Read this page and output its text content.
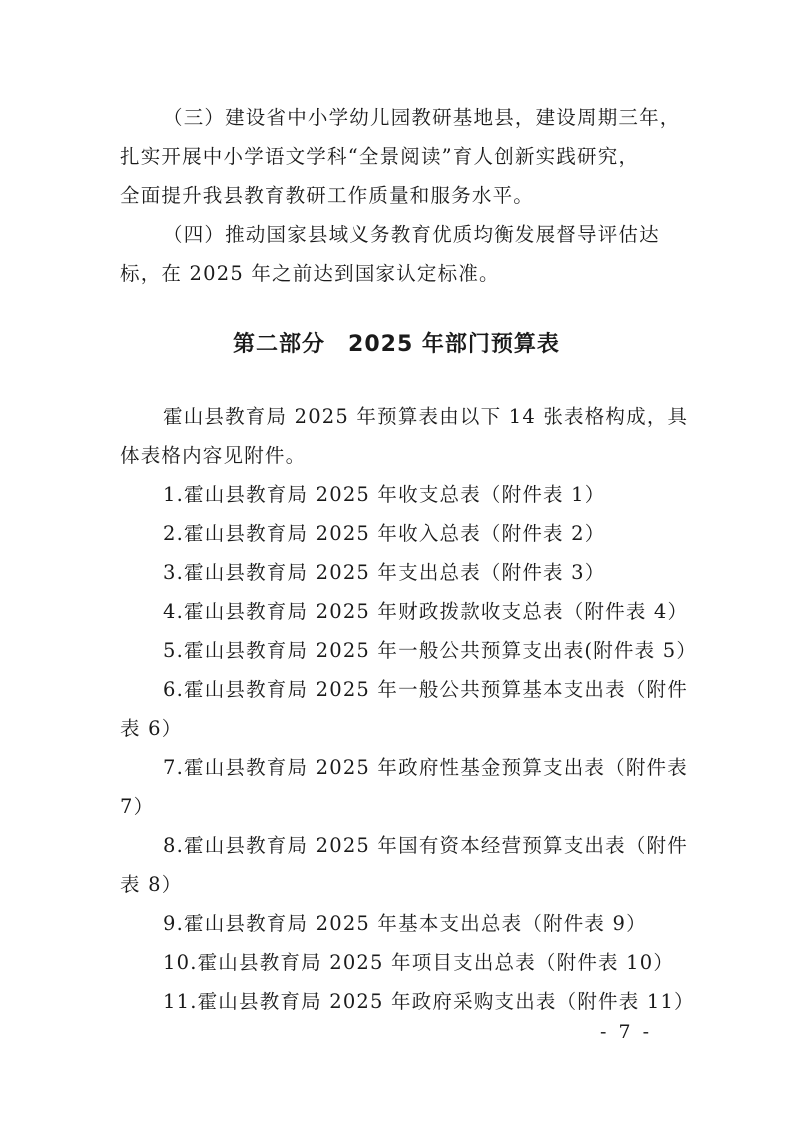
（三）建设省中小学幼儿园教研基地县，建设周期三年，
扎实开展中小学语文学科“全景阅读”育人创新实践研究，
全面提升我县教育教研工作质量和服务水平。
（四）推动国家县域义务教育优质均衡发展督导评估达
标，在 2025 年之前达到国家认定标准。
第二部分　2025 年部门预算表
霍山县教育局 2025 年预算表由以下 14 张表格构成，具
体表格内容见附件。
1.霍山县教育局 2025 年收支总表（附件表 1）
2.霍山县教育局 2025 年收入总表（附件表 2）
3.霍山县教育局 2025 年支出总表（附件表 3）
4.霍山县教育局 2025 年财政拨款收支总表（附件表 4）
5.霍山县教育局 2025 年一般公共预算支出表(附件表 5）
6.霍山县教育局 2025 年一般公共预算基本支出表（附件
表 6）
7.霍山县教育局 2025 年政府性基金预算支出表（附件表
7）
8.霍山县教育局 2025 年国有资本经营预算支出表（附件
表 8）
9.霍山县教育局 2025 年基本支出总表（附件表 9）
10.霍山县教育局 2025 年项目支出总表（附件表 10）
11.霍山县教育局 2025 年政府采购支出表（附件表 11）
- 7 -
